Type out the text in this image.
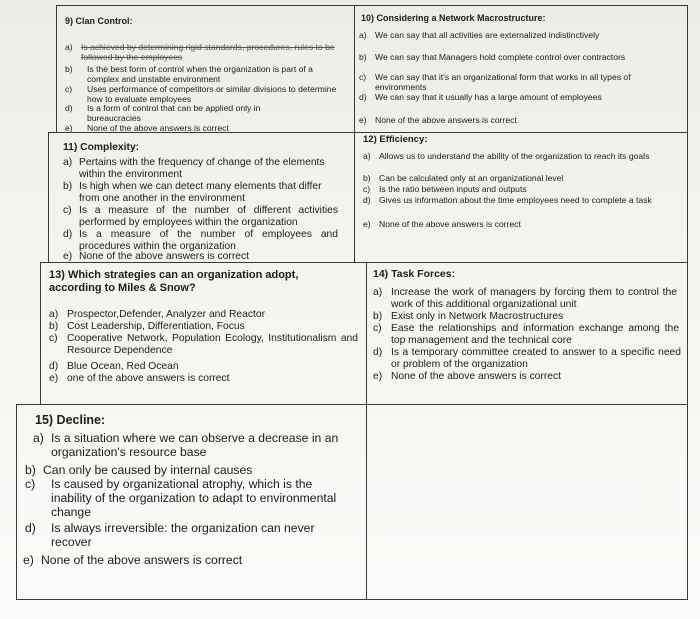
9) Clan Control:
a) Is achieved by determining rigid standards, procedures, rules to be followed by the employees
b) Is the best form of control when the organization is part of a complex and unstable environment
c) Uses performance of competitors or similar divisions to determine how to evaluate employees
d) Is a form of control that can be applied only in bureaucracies
e) None of the above answers is correct
10) Considering a Network Macrostructure:
a) We can say that all activities are externalized indistinctively
b) We can say that Managers hold complete control over contractors
c) We can say that it's an organizational form that works in all types of environments
d) We can say that it usually has a large amount of employees
e) None of the above answers is correct
11) Complexity:
a) Pertains with the frequency of change of the elements within the environment
b) Is high when we can detect many elements that differ from one another in the environment
c) Is a measure of the number of different activities performed by employees within the organization
d) Is a measure of the number of employees and procedures within the organization
e) None of the above answers is correct
12) Efficiency:
a) Allows us to understand the ability of the organization to reach its goals
b) Can be calculated only at an organizational level
c) Is the ratio between inputs and outputs
d) Gives us information about the time employees need to complete a task
e) None of the above answers is correct
13) Which strategies can an organization adopt, according to Miles & Snow?
a) Prospector,Defender, Analyzer and Reactor
b) Cost Leadership, Differentiation, Focus
c) Cooperative Network, Population Ecology, Institutionalism and Resource Dependence
d) Blue Ocean, Red Ocean
e) one of the above answers is correct
14) Task Forces:
a) Increase the work of managers by forcing them to control the work of this additional organizational unit
b) Exist only in Network Macrostructures
c) Ease the relationships and information exchange among the top management and the technical core
d) Is a temporary committee created to answer to a specific need or problem of the organization
e) None of the above answers is correct
15) Decline:
a) Is a situation where we can observe a decrease in an organization's resource base
b) Can only be caused by internal causes
c) Is caused by organizational atrophy, which is the inability of the organization to adapt to environmental change
d) Is always irreversible: the organization can never recover
e) None of the above answers is correct
